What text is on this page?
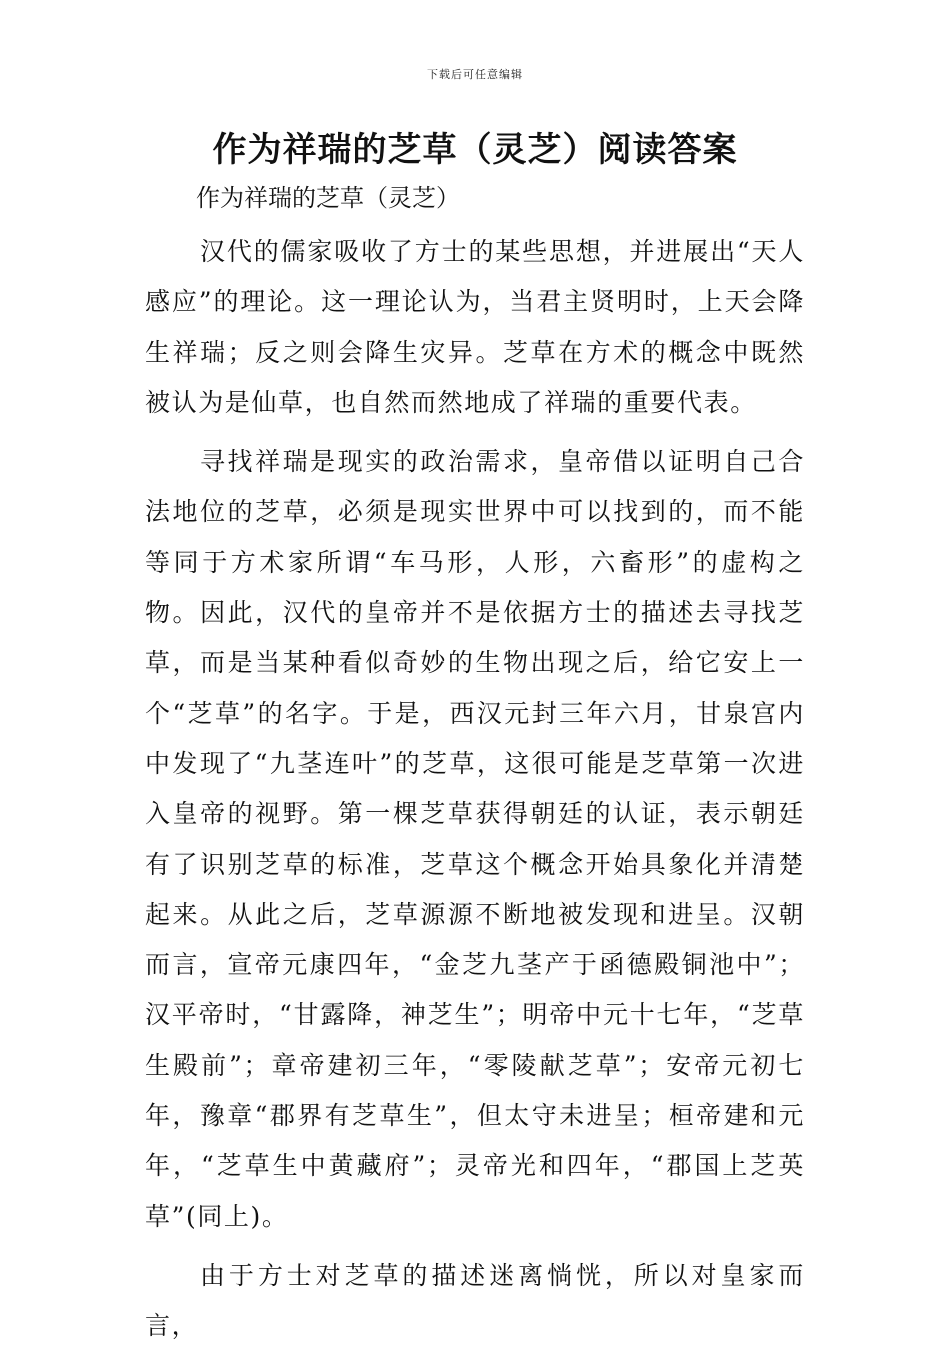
下载后可任意编辑
作为祥瑞的芝草（灵芝）阅读答案

作为祥瑞的芝草（灵芝）

汉代的儒家吸收了方士的某些思想，并进展出“天人感应”的理论。这一理论认为，当君主贤明时，上天会降生祥瑞；反之则会降生灾异。芝草在方术的概念中既然被认为是仙草，也自然而然地成了祥瑞的重要代表。

寻找祥瑞是现实的政治需求，皇帝借以证明自己合法地位的芝草，必须是现实世界中可以找到的，而不能等同于方术家所谓“车马形，人形，六畜形”的虚构之物。因此，汉代的皇帝并不是依据方士的描述去寻找芝草，而是当某种看似奇妙的生物出现之后，给它安上一个“芝草”的名字。于是，西汉元封三年六月，甘泉宫内中发现了“九茎连叶”的芝草，这很可能是芝草第一次进入皇帝的视野。第一棵芝草获得朝廷的认证，表示朝廷有了识别芝草的标准，芝草这个概念开始具象化并清楚起来。从此之后，芝草源源不断地被发现和进呈。汉朝而言，宣帝元康四年，“金芝九茎产于函德殿铜池中”；汉平帝时，“甘露降，神芝生”；明帝中元十七年，“芝草生殿前”；章帝建初三年，“零陵献芝草”；安帝元初七年，豫章“郡界有芝草生”，但太守未进呈；桓帝建和元年，“芝草生中黄藏府”；灵帝光和四年，“郡国上芝英草”(同上)。

由于方士对芝草的描述迷离惝恍，所以对皇家而言，
